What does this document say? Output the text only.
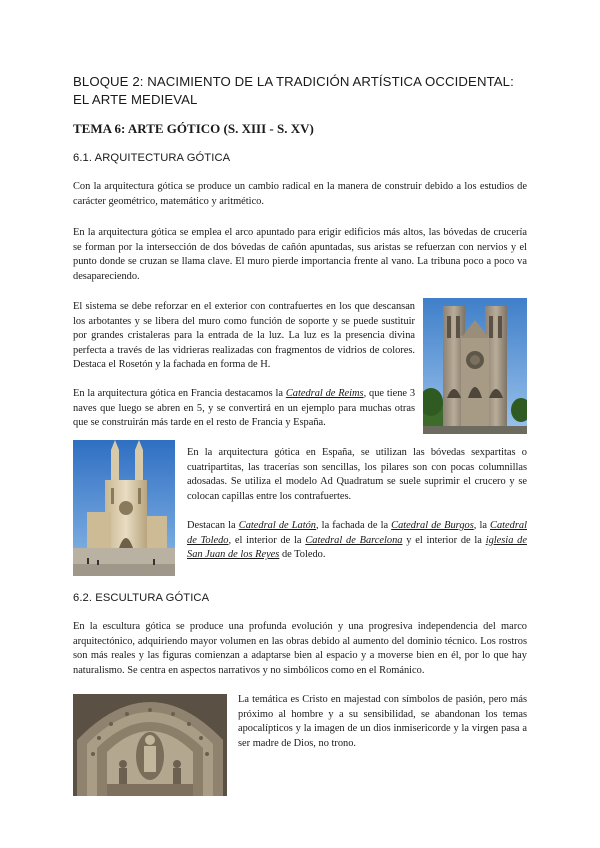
BLOQUE 2: NACIMIENTO DE LA TRADICIÓN ARTÍSTICA OCCIDENTAL: EL ARTE MEDIEVAL
TEMA 6: ARTE GÓTICO (S. XIII - S. XV)
6.1. ARQUITECTURA GÓTICA

Con la arquitectura gótica se produce un cambio radical en la manera de construir debido a los estudios de carácter geométrico, matemático y aritmético.

En la arquitectura gótica se emplea el arco apuntado para erigir edificios más altos, las bóvedas de crucería se forman por la intersección de dos bóvedas de cañón apuntadas, sus aristas se refuerzan con nervios y el punto donde se cruzan se llama clave. El muro pierde importancia frente al vano. La tribuna poco a poco va desapareciendo.

El sistema se debe reforzar en el exterior con contrafuertes en los que descansan los arbotantes y se libera del muro como función de soporte y se puede sustituir por grandes cristaleras para la entrada de la luz. La luz es la presencia divina perfecta a través de las vidrieras realizadas con fragmentos de vidrios de colores. Destaca el Rosetón y la fachada en forma de H.

En la arquitectura gótica en Francia destacamos la Catedral de Reims, que tiene 3 naves que luego se abren en 5, y se convertirá en un ejemplo para muchas otras que se construirán más tarde en el resto de Francia y España.

En la arquitectura gótica en España, se utilizan las bóvedas sexpartitas o cuatripartitas, las tracerías son sencillas, los pilares son con pocas columnillas adosadas. Se utiliza el modelo Ad Quadratum se suele suprimir el crucero y se colocan capillas entre los contrafuertes.

Destacan la Catedral de Latón, la fachada de la Catedral de Burgos, la Catedral de Toledo, el interior de la Catedral de Barcelona y el interior de la iglesia de San Juan de los Reyes de Toledo.

6.2. ESCULTURA GÓTICA

En la escultura gótica se produce una profunda evolución y una progresiva independencia del marco arquitectónico, adquiriendo mayor volumen en las obras debido al aumento del dominio técnico. Los rostros son más reales y las figuras comienzan a adaptarse bien al espacio y a moverse bien en él, por lo que hay naturalismo. Se centra en aspectos narrativos y no simbólicos como en el Románico.

La temática es Cristo en majestad con símbolos de pasión, pero más próximo al hombre y a su sensibilidad, se abandonan los temas apocalípticos y la imagen de un dios inmisericorde y la virgen pasa a ser madre de Dios, no trono.
